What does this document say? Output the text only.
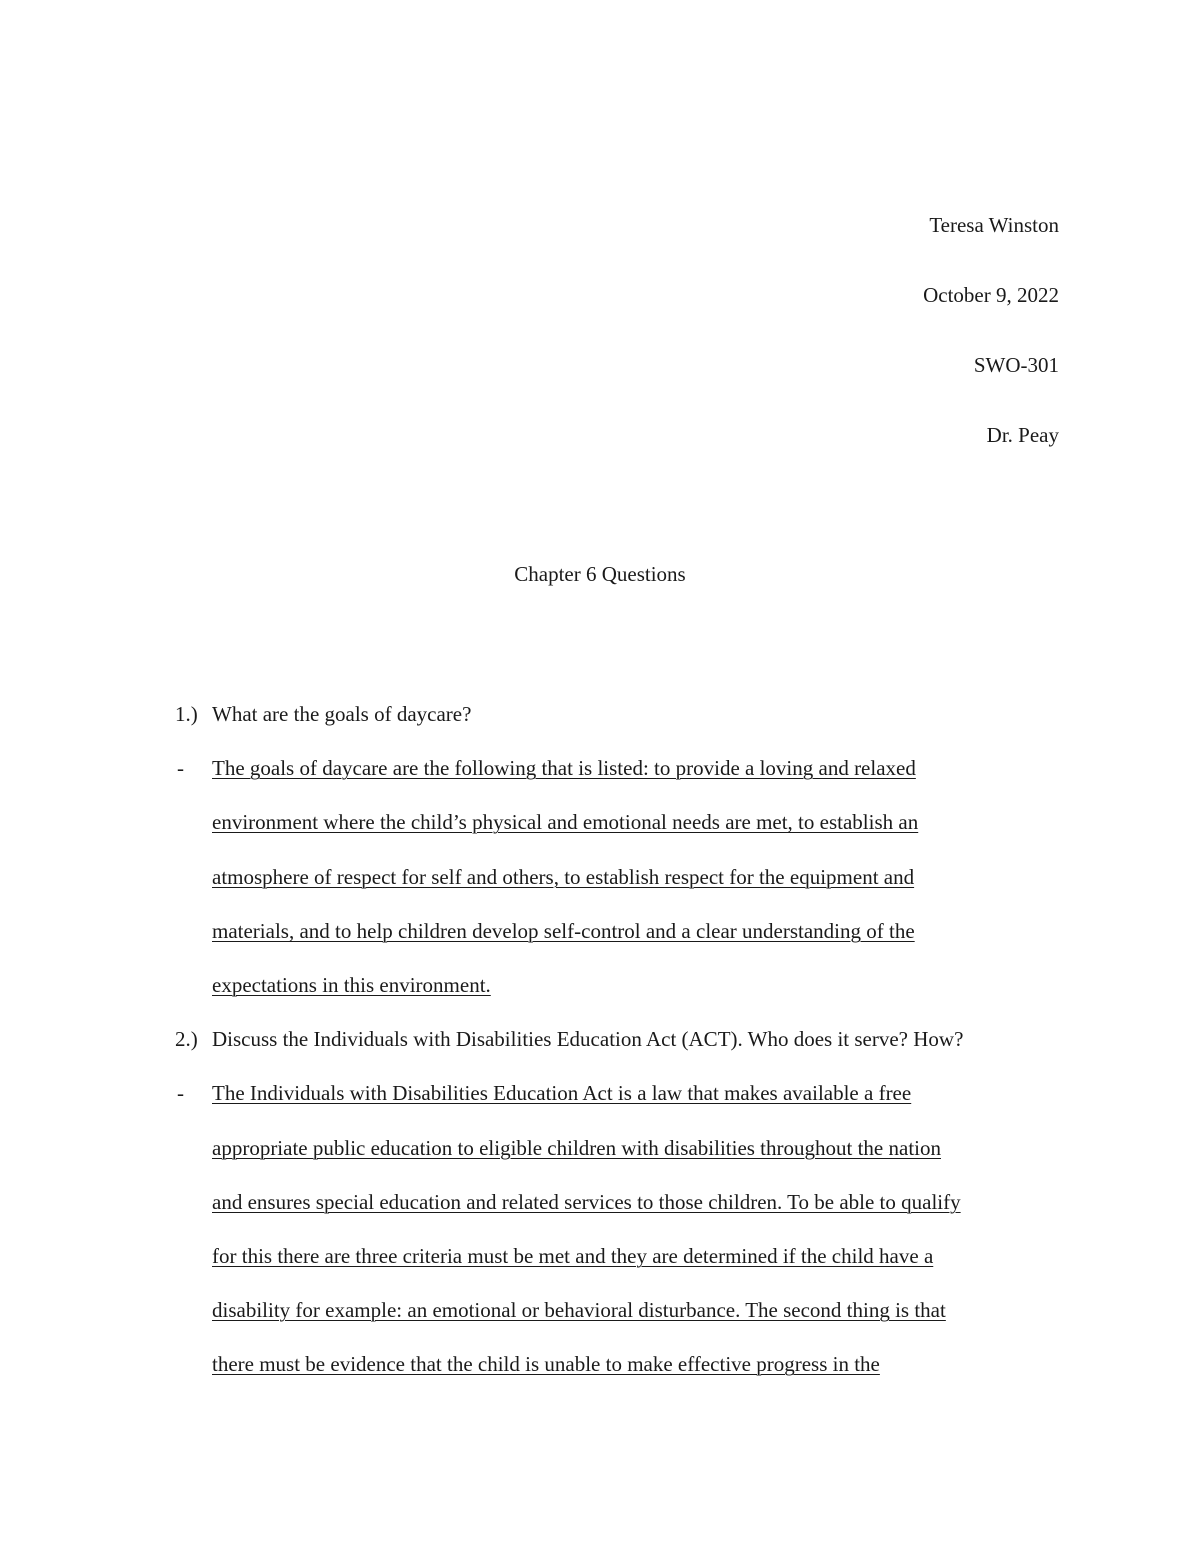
Teresa Winston
October 9, 2022
SWO-301
Dr. Peay
Chapter 6 Questions
1.) What are the goals of daycare?
- The goals of daycare are the following that is listed: to provide a loving and relaxed
environment where the child’s physical and emotional needs are met, to establish an
atmosphere of respect for self and others, to establish respect for the equipment and
materials, and to help children develop self-control and a clear understanding of the
expectations in this environment.
2.) Discuss the Individuals with Disabilities Education Act (ACT). Who does it serve? How?
- The Individuals with Disabilities Education Act is a law that makes available a free
appropriate public education to eligible children with disabilities throughout the nation
and ensures special education and related services to those children. To be able to qualify
for this there are three criteria must be met and they are determined if the child have a
disability for example: an emotional or behavioral disturbance. The second thing is that
there must be evidence that the child is unable to make effective progress in the
